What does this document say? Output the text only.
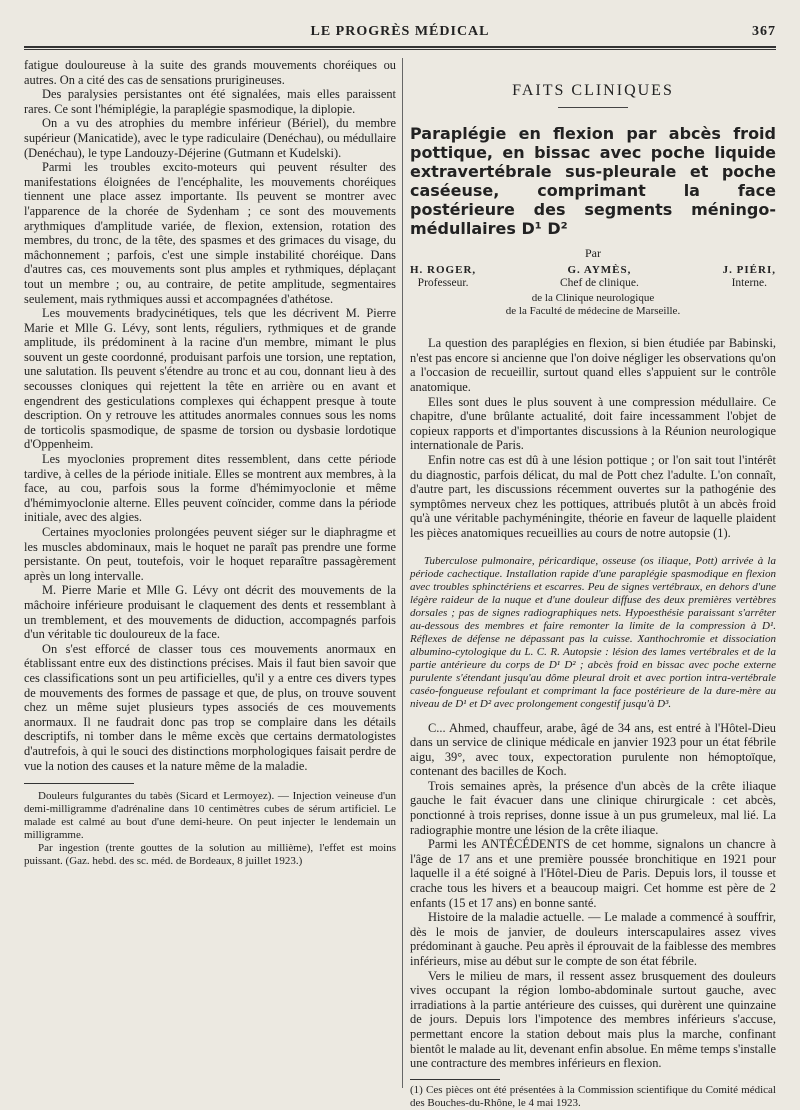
LE PROGRÈS MÉDICAL	367

fatigue douloureuse à la suite des grands mouvements choréiques ou autres. On a cité des cas de sensations prurigineuses.

Des paralysies persistantes ont été signalées, mais elles paraissent rares. Ce sont l'hémiplégie, la paraplégie spasmodique, la diplopie.

On a vu des atrophies du membre inférieur (Bériel), du membre supérieur (Manicatide), avec le type radiculaire (Denéchau), ou médullaire (Denéchau), le type Landouzy-Déjerine (Gutmann et Kudelski).

Parmi les troubles excito-moteurs qui peuvent résulter des manifestations éloignées de l'encéphalite, les mouvements choréiques tiennent une place assez importante. Ils peuvent se montrer avec l'apparence de la chorée de Sydenham ; ce sont des mouvements arythmiques d'amplitude variée, de flexion, extension, rotation des membres, du tronc, de la tête, des spasmes et des grimaces du visage, du mâchonnement ; parfois, c'est une simple instabilité choréique. Dans d'autres cas, ces mouvements sont plus amples et rythmiques, déplaçant tout un membre ; ou, au contraire, de petite amplitude, segmentaires seulement, mais rythmiques aussi et accompagnées d'athétose.

Les mouvements bradycinétiques, tels que les décrivent M. Pierre Marie et Mlle G. Lévy, sont lents, réguliers, rythmiques et de grande amplitude, ils prédominent à la racine d'un membre, mimant le plus souvent un geste coordonné, produisant parfois une torsion, une reptation, une salutation. Ils peuvent s'étendre au tronc et au cou, donnant lieu à des secousses cloniques qui rejettent la tête en arrière ou en avant et engendrent des gesticulations complexes qui échappent presque à toute description. On y retrouve les attitudes anormales connues sous les noms de torticolis spasmodique, de spasme de torsion ou dysbasie lordotique d'Oppenheim.

Les myoclonies proprement dites ressemblent, dans cette période tardive, à celles de la période initiale. Elles se montrent aux membres, à la face, au cou, parfois sous la forme d'hémimyoclonie et même d'hémimyoclonie alterne. Elles peuvent coïncider, comme dans la période initiale, avec des algies.

Certaines myoclonies prolongées peuvent siéger sur le diaphragme et les muscles abdominaux, mais le hoquet ne paraît pas prendre une forme persistante. On peut, toutefois, voir le hoquet reparaître passagèrement après un long intervalle.

M. Pierre Marie et Mlle G. Lévy ont décrit des mouvements de la mâchoire inférieure produisant le claquement des dents et ressemblant à un tremblement, et des mouvements de diduction, accompagnés parfois d'un véritable tic douloureux de la face.

On s'est efforcé de classer tous ces mouvements anormaux en établissant entre eux des distinctions précises. Mais il faut bien savoir que ces classifications sont un peu artificielles, qu'il y a entre ces divers types de mouvements des formes de passage et que, de plus, on trouve souvent chez un même sujet plusieurs types associés de ces mouvements anormaux. Il ne faudrait donc pas trop se complaire dans les détails descriptifs, ni tomber dans le même excès que certains dermatologistes d'autrefois, à qui le souci des distinctions morphologiques faisait perdre de vue la notion des causes et la nature même de la maladie.

Douleurs fulgurantes du tabès (Sicard et Lermoyez). — Injection veineuse d'un demi-milligramme d'adrénaline dans 10 centimètres cubes de sérum artificiel. Le malade est calmé au bout d'une demi-heure. On peut injecter le lendemain un milligramme.

Par ingestion (trente gouttes de la solution au millième), l'effet est moins puissant. (Gaz. hebd. des sc. méd. de Bordeaux, 8 juillet 1923.)

FAITS CLINIQUES
Paraplégie en flexion par abcès froid pottique, en bissac avec poche liquide extravertébrale sus-pleurale et poche caséeuse, comprimant la face postérieure des segments méningo-médullaires D¹ D²
Par
H. ROGER,
Professeur.
G. AYMÈS,
Chef de clinique.
J. PIÉRI,
Interne.
de la Clinique neurologique
de la Faculté de médecine de Marseille.

La question des paraplégies en flexion, si bien étudiée par Babinski, n'est pas encore si ancienne que l'on doive négliger les observations qu'on a l'occasion de recueillir, surtout quand elles s'appuient sur le contrôle anatomique.

Elles sont dues le plus souvent à une compression médullaire. Ce chapitre, d'une brûlante actualité, doit faire incessamment l'objet de copieux rapports et d'importantes discussions à la Réunion neurologique internationale de Paris.

Enfin notre cas est dû à une lésion pottique ; or l'on sait tout l'intérêt du diagnostic, parfois délicat, du mal de Pott chez l'adulte. L'on connaît, d'autre part, les discussions récemment ouvertes sur la pathogénie des symptômes nerveux chez les pottiques, attribués plutôt à un abcès froid qu'à une véritable pachyméningite, théorie en faveur de laquelle plaident les pièces anatomiques recueillies au cours de notre autopsie (1).

Tuberculose pulmonaire, péricardique, osseuse (os iliaque, Pott) arrivée à la période cachectique. Installation rapide d'une paraplégie spasmodique en flexion avec troubles sphinctériens et escarres. Peu de signes vertébraux, en dehors d'une légère raideur de la nuque et d'une douleur diffuse des deux premières vertèbres dorsales ; pas de signes radiographiques nets. Hypoesthésie paraissant s'arrêter au-dessous des membres et faire remonter la limite de la compression à D¹. Réflexes de défense ne dépassant pas la cuisse. Xanthochromie et dissociation albumino-cytologique du L. C. R. Autopsie : lésion des lames vertébrales et de la partie antérieure du corps de D¹ D² ; abcès froid en bissac avec poche externe purulente s'étendant jusqu'au dôme pleural droit et avec portion intra-vertébrale caséo-fongueuse refoulant et comprimant la face postérieure de la dure-mère au niveau de D¹ et D² avec prolongement congestif jusqu'à D³.

C... Ahmed, chauffeur, arabe, âgé de 34 ans, est entré à l'Hôtel-Dieu dans un service de clinique médicale en janvier 1923 pour un état fébrile aigu, 39°, avec toux, expectoration purulente non hémoptoïque, contenant des bacilles de Koch.

Trois semaines après, la présence d'un abcès de la crête iliaque gauche le fait évacuer dans une clinique chirurgicale : cet abcès, ponctionné à trois reprises, donne issue à un pus grumeleux, mal lié. La radiographie montre une lésion de la crête iliaque.

Parmi les ANTÉCÉDENTS de cet homme, signalons un chancre à l'âge de 17 ans et une première poussée bronchitique en 1921 pour laquelle il a été soigné à l'Hôtel-Dieu de Paris. Depuis lors, il tousse et crache tous les hivers et a beaucoup maigri. Cet homme est père de 2 enfants (15 et 17 ans) en bonne santé.

Histoire de la maladie actuelle. — Le malade a commencé à souffrir, dès le mois de janvier, de douleurs interscapulaires assez vives prédominant à gauche. Peu après il éprouvait de la faiblesse des membres inférieurs, mise au début sur le compte de son état fébrile.

Vers le milieu de mars, il ressent assez brusquement des douleurs vives occupant la région lombo-abdominale surtout gauche, avec irradiations à la partie antérieure des cuisses, qui durèrent une quinzaine de jours. Depuis lors l'impotence des membres inférieurs s'accuse, permettant encore la station debout mais plus la marche, confinant bientôt le malade au lit, devenant enfin absolue. En même temps s'installe une contracture des membres inférieurs en flexion.

(1) Ces pièces ont été présentées à la Commission scientifique du Comité médical des Bouches-du-Rhône, le 4 mai 1923.
